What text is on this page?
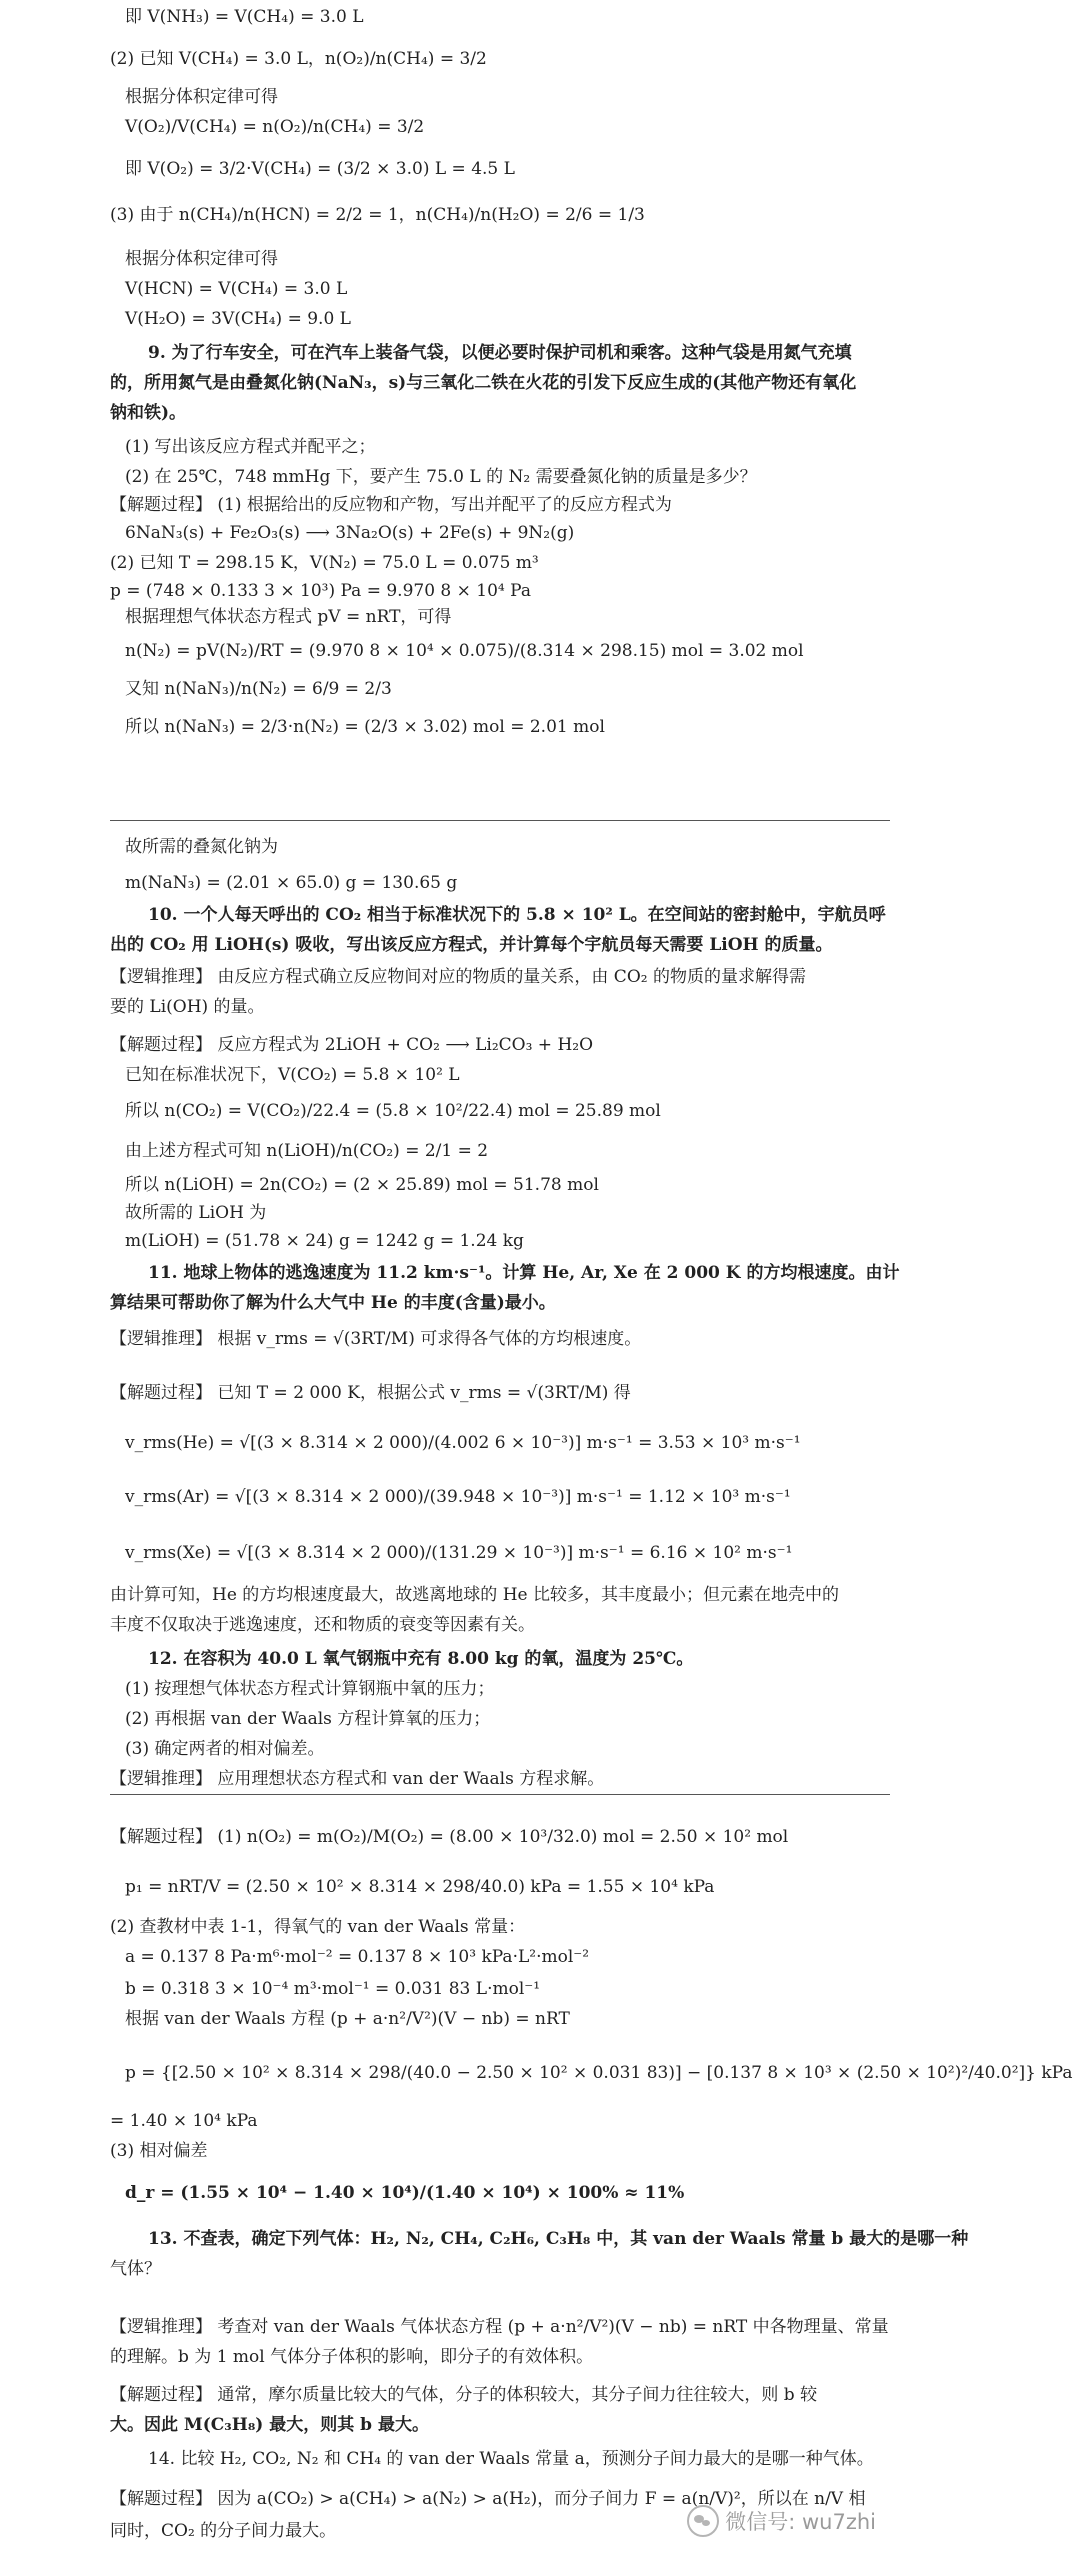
即 V(NH₃) = V(CH₄) = 3.0 L
(2) 已知 V(CH₄) = 3.0 L，n(O₂)/n(CH₄) = 3/2
根据分体积定律可得
V(O₂)/V(CH₄) = n(O₂)/n(CH₄) = 3/2
即 V(O₂) = 3/2·V(CH₄) = (3/2 × 3.0) L = 4.5 L
(3) 由于 n(CH₄)/n(HCN) = 2/2 = 1，n(CH₄)/n(H₂O) = 2/6 = 1/3
根据分体积定律可得
V(HCN) = V(CH₄) = 3.0 L
V(H₂O) = 3V(CH₄) = 9.0 L
9. 为了行车安全，可在汽车上装备气袋，以便必要时保护司机和乘客。这种气袋是用氮气充填
的，所用氮气是由叠氮化钠(NaN₃，s)与三氧化二铁在火花的引发下反应生成的(其他产物还有氧化
钠和铁)。
(1) 写出该反应方程式并配平之；
(2) 在 25℃，748 mmHg 下，要产生 75.0 L 的 N₂ 需要叠氮化钠的质量是多少？
【解题过程】 (1) 根据给出的反应物和产物，写出并配平了的反应方程式为
6NaN₃(s) + Fe₂O₃(s) ⟶ 3Na₂O(s) + 2Fe(s) + 9N₂(g)
(2) 已知 T = 298.15 K，V(N₂) = 75.0 L = 0.075 m³
p = (748 × 0.133 3 × 10³) Pa = 9.970 8 × 10⁴ Pa
根据理想气体状态方程式 pV = nRT，可得
n(N₂) = pV(N₂)/RT = (9.970 8 × 10⁴ × 0.075)/(8.314 × 298.15) mol = 3.02 mol
又知 n(NaN₃)/n(N₂) = 6/9 = 2/3
所以 n(NaN₃) = 2/3·n(N₂) = (2/3 × 3.02) mol = 2.01 mol
故所需的叠氮化钠为
m(NaN₃) = (2.01 × 65.0) g = 130.65 g
10. 一个人每天呼出的 CO₂ 相当于标准状况下的 5.8 × 10² L。在空间站的密封舱中，宇航员呼
出的 CO₂ 用 LiOH(s) 吸收，写出该反应方程式，并计算每个宇航员每天需要 LiOH 的质量。
【逻辑推理】 由反应方程式确立反应物间对应的物质的量关系，由 CO₂ 的物质的量求解得需
要的 Li(OH) 的量。
【解题过程】 反应方程式为 2LiOH + CO₂ ⟶ Li₂CO₃ + H₂O
已知在标准状况下，V(CO₂) = 5.8 × 10² L
所以 n(CO₂) = V(CO₂)/22.4 = (5.8 × 10²/22.4) mol = 25.89 mol
由上述方程式可知 n(LiOH)/n(CO₂) = 2/1 = 2
所以 n(LiOH) = 2n(CO₂) = (2 × 25.89) mol = 51.78 mol
故所需的 LiOH 为
m(LiOH) = (51.78 × 24) g = 1242 g = 1.24 kg
11. 地球上物体的逃逸速度为 11.2 km·s⁻¹。计算 He, Ar, Xe 在 2 000 K 的方均根速度。由计
算结果可帮助你了解为什么大气中 He 的丰度(含量)最小。
【逻辑推理】 根据 v_rms = √(3RT/M) 可求得各气体的方均根速度。
【解题过程】 已知 T = 2 000 K，根据公式 v_rms = √(3RT/M) 得
v_rms(He) = √[(3 × 8.314 × 2 000)/(4.002 6 × 10⁻³)] m·s⁻¹ = 3.53 × 10³ m·s⁻¹
v_rms(Ar) = √[(3 × 8.314 × 2 000)/(39.948 × 10⁻³)] m·s⁻¹ = 1.12 × 10³ m·s⁻¹
v_rms(Xe) = √[(3 × 8.314 × 2 000)/(131.29 × 10⁻³)] m·s⁻¹ = 6.16 × 10² m·s⁻¹
由计算可知，He 的方均根速度最大，故逃离地球的 He 比较多，其丰度最小；但元素在地壳中的
丰度不仅取决于逃逸速度，还和物质的衰变等因素有关。
12. 在容积为 40.0 L 氧气钢瓶中充有 8.00 kg 的氧，温度为 25℃。
(1) 按理想气体状态方程式计算钢瓶中氧的压力；
(2) 再根据 van der Waals 方程计算氧的压力；
(3) 确定两者的相对偏差。
【逻辑推理】 应用理想状态方程式和 van der Waals 方程求解。
【解题过程】 (1) n(O₂) = m(O₂)/M(O₂) = (8.00 × 10³/32.0) mol = 2.50 × 10² mol
p₁ = nRT/V = (2.50 × 10² × 8.314 × 298/40.0) kPa = 1.55 × 10⁴ kPa
(2) 查教材中表 1-1，得氧气的 van der Waals 常量：
a = 0.137 8 Pa·m⁶·mol⁻² = 0.137 8 × 10³ kPa·L²·mol⁻²
b = 0.318 3 × 10⁻⁴ m³·mol⁻¹ = 0.031 83 L·mol⁻¹
根据 van der Waals 方程 (p + a·n²/V²)(V − nb) = nRT
p = {[2.50 × 10² × 8.314 × 298/(40.0 − 2.50 × 10² × 0.031 83)] − [0.137 8 × 10³ × (2.50 × 10²)²/40.0²]} kPa
= 1.40 × 10⁴ kPa
(3) 相对偏差
d_r = (1.55 × 10⁴ − 1.40 × 10⁴)/(1.40 × 10⁴) × 100% ≈ 11%
13. 不查表，确定下列气体：H₂, N₂, CH₄, C₂H₆, C₃H₈ 中，其 van der Waals 常量 b 最大的是哪一种
气体？
【逻辑推理】 考查对 van der Waals 气体状态方程 (p + a·n²/V²)(V − nb) = nRT 中各物理量、常量
的理解。b 为 1 mol 气体分子体积的影响，即分子的有效体积。
【解题过程】 通常，摩尔质量比较大的气体，分子的体积较大，其分子间力往往较大，则 b 较
大。因此 M(C₃H₈) 最大，则其 b 最大。
14. 比较 H₂, CO₂, N₂ 和 CH₄ 的 van der Waals 常量 a，预测分子间力最大的是哪一种气体。
【解题过程】 因为 a(CO₂) > a(CH₄) > a(N₂) > a(H₂)，而分子间力 F = a(n/V)²，所以在 n/V 相
同时，CO₂ 的分子间力最大。	微信号: wu7zhi
